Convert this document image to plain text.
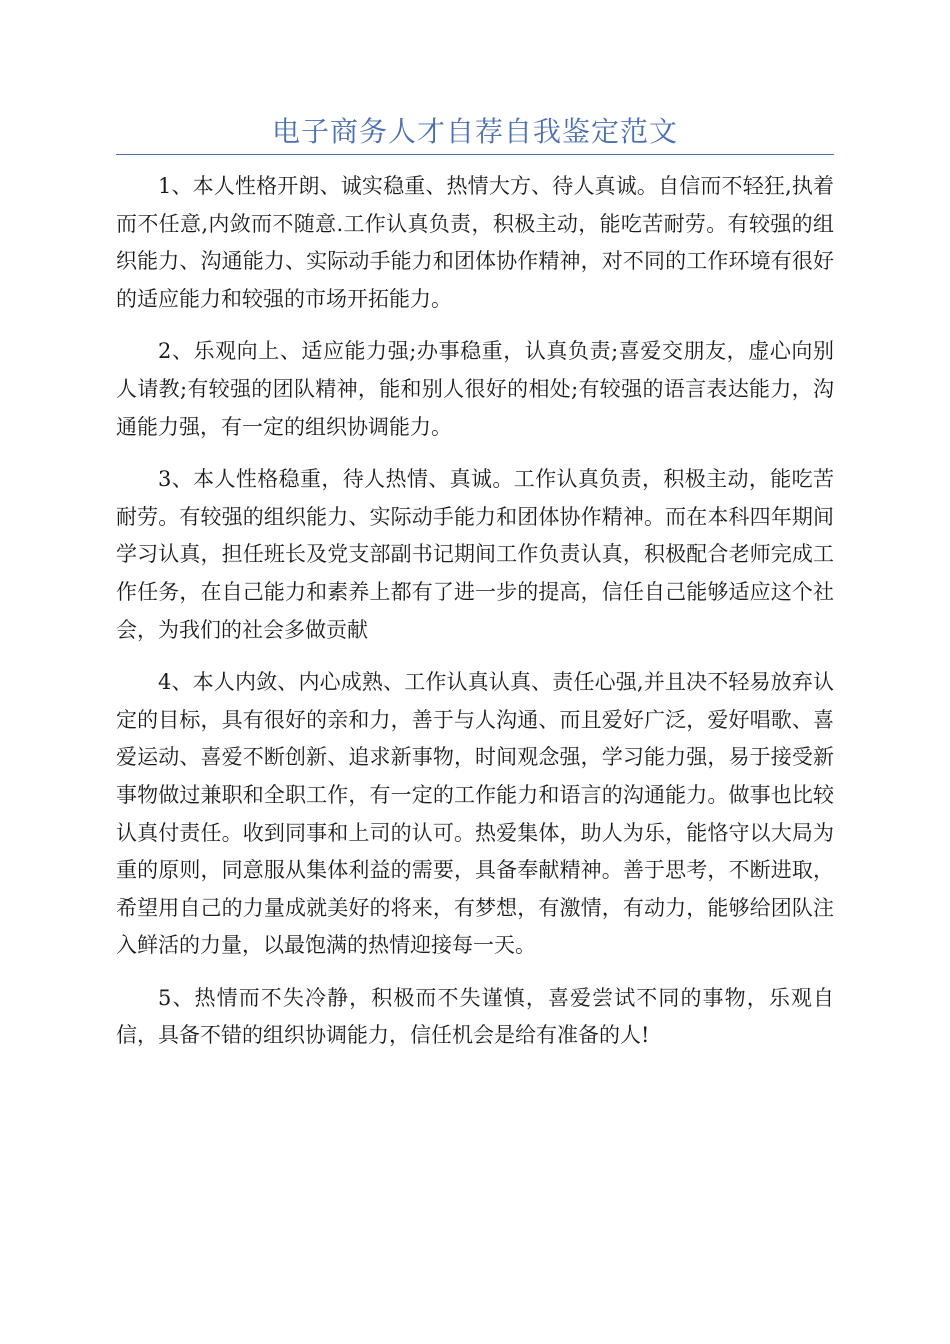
电子商务人才自荐自我鉴定范文

1、本人性格开朗、诚实稳重、热情大方、待人真诚。自信而不轻狂,执着而不任意,内敛而不随意.工作认真负责，积极主动，能吃苦耐劳。有较强的组织能力、沟通能力、实际动手能力和团体协作精神，对不同的工作环境有很好的适应能力和较强的市场开拓能力。

2、乐观向上、适应能力强;办事稳重，认真负责;喜爱交朋友，虚心向别人请教;有较强的团队精神，能和别人很好的相处;有较强的语言表达能力，沟通能力强，有一定的组织协调能力。

3、本人性格稳重，待人热情、真诚。工作认真负责，积极主动，能吃苦耐劳。有较强的组织能力、实际动手能力和团体协作精神。而在本科四年期间学习认真，担任班长及党支部副书记期间工作负责认真，积极配合老师完成工作任务，在自己能力和素养上都有了进一步的提高，信任自己能够适应这个社会，为我们的社会多做贡献

4、本人内敛、内心成熟、工作认真认真、责任心强,并且决不轻易放弃认定的目标，具有很好的亲和力，善于与人沟通、而且爱好广泛，爱好唱歌、喜爱运动、喜爱不断创新、追求新事物，时间观念强，学习能力强，易于接受新事物做过兼职和全职工作，有一定的工作能力和语言的沟通能力。做事也比较认真付责任。收到同事和上司的认可。热爱集体，助人为乐，能恪守以大局为重的原则，同意服从集体利益的需要，具备奉献精神。善于思考，不断进取，希望用自己的力量成就美好的将来，有梦想，有激情，有动力，能够给团队注入鲜活的力量，以最饱满的热情迎接每一天。

5、热情而不失冷静，积极而不失谨慎，喜爱尝试不同的事物，乐观自信，具备不错的组织协调能力，信任机会是给有准备的人!
